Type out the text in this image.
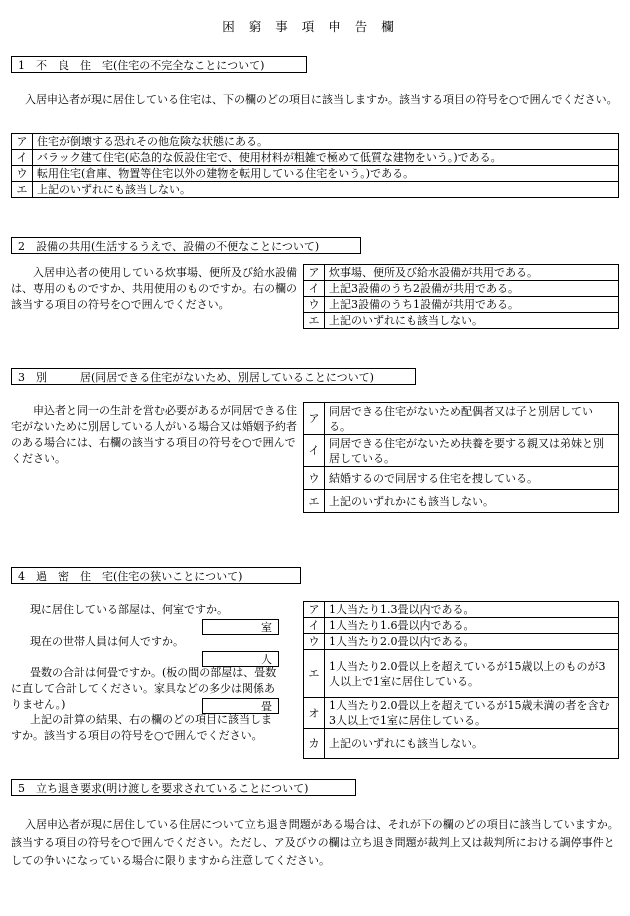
困窮事項申告欄
1　不　良　住　宅(住宅の不完全なことについて)
入居申込者が現に居住している住宅は、下の欄のどの項目に該当しますか。該当する項目の符号を○で囲んでください。
ア	住宅が倒壊する恐れその他危険な状態にある。
イ	バラック建て住宅(応急的な仮設住宅で、使用材料が粗雑で極めて低質な建物をいう。)である。
ウ	転用住宅(倉庫、物置等住宅以外の建物を転用している住宅をいう。)である。
エ	上記のいずれにも該当しない。
2　設備の共用(生活するうえで、設備の不便なことについて)
入居申込者の使用している炊事場、便所及び給水設備は、専用のものですか、共用使用のものですか。右の欄の該当する項目の符号を○で囲んでください。
ア	炊事場、便所及び給水設備が共用である。
イ	上記3設備のうち2設備が共用である。
ウ	上記3設備のうち1設備が共用である。
エ	上記のいずれにも該当しない。
3　別　　　居(同居できる住宅がないため、別居していることについて)
申込者と同一の生計を営む必要があるが同居できる住宅がないために別居している人がいる場合又は婚姻予約者のある場合には、右欄の該当する項目の符号を○で囲んでください。
ア	同居できる住宅がないため配偶者又は子と別居している。
イ	同居できる住宅がないため扶養を要する親又は弟妹と別居している。
ウ	結婚するので同居する住宅を捜している。
エ	上記のいずれかにも該当しない。
4　過　密　住　宅(住宅の狭いことについて)
現に居住している部屋は、何室ですか。
室
現在の世帯人員は何人ですか。
人
畳数の合計は何畳ですか。(板の間の部屋は、畳数に直して合計してください。家具などの多少は関係ありません。)	畳
上記の計算の結果、右の欄のどの項目に該当しますか。該当する項目の符号を○で囲んでください。
ア	1人当たり1.3畳以内である。
イ	1人当たり1.6畳以内である。
ウ	1人当たり2.0畳以内である。
エ	1人当たり2.0畳以上を超えているが15歳以上のものが3人以上で1室に居住している。
オ	1人当たり2.0畳以上を超えているが15歳未満の者を含む3人以上で1室に居住している。
カ	上記のいずれにも該当しない。
5　立ち退き要求(明け渡しを要求されていることについて)
入居申込者が現に居住している住居について立ち退き問題がある場合は、それが下の欄のどの項目に該当していますか。該当する項目の符号を○で囲んでください。ただし、ア及びウの欄は立ち退き問題が裁判上又は裁判所における調停事件としての争いになっている場合に限りますから注意してください。
